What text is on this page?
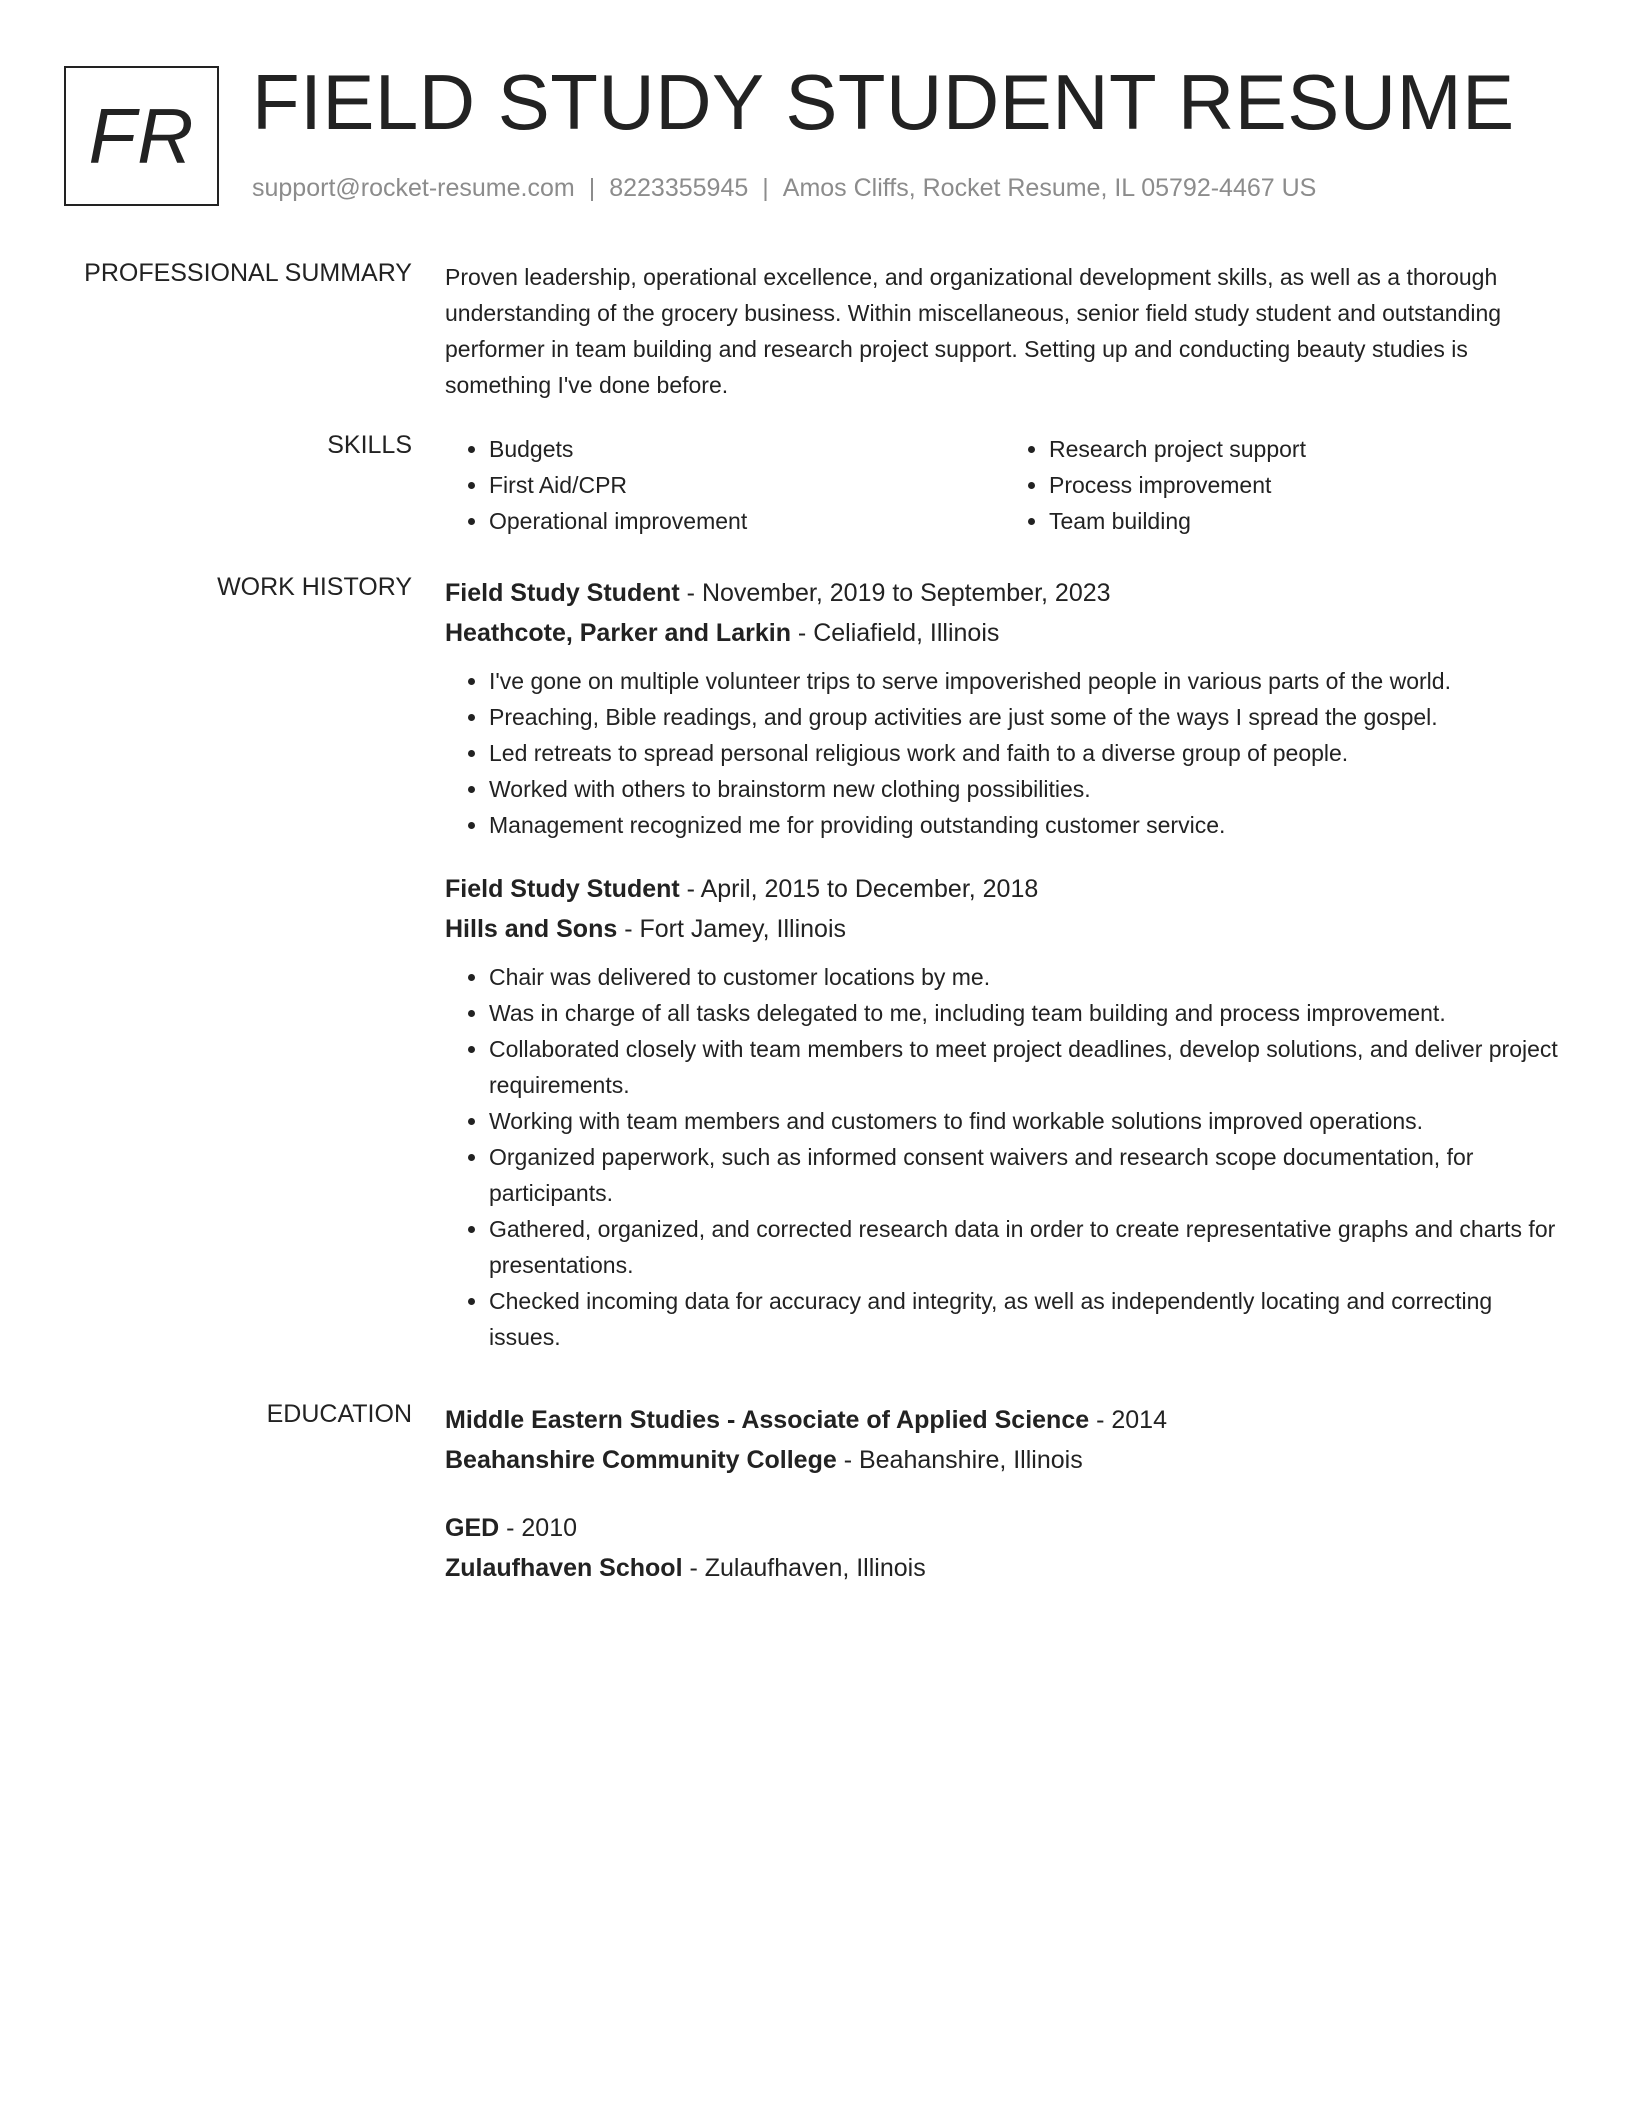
FR FIELD STUDY STUDENT RESUME
support@rocket-resume.com | 8223355945 | Amos Cliffs, Rocket Resume, IL 05792-4467 US
PROFESSIONAL SUMMARY Proven leadership, operational excellence, and organizational development skills, as well as a thorough understanding of the grocery business. Within miscellaneous, senior field study student and outstanding performer in team building and research project support. Setting up and conducting beauty studies is something I've done before.
SKILLS
•	Budgets
• First Aid/CPR
• Operational improvement
• Research project support
• Process improvement
• Team building
WORK HISTORY Field Study Student - November, 2019 to September, 2023
Heathcote, Parker and Larkin - Celiafield, Illinois
• I've gone on multiple volunteer trips to serve impoverished people in various parts of the world.
• Preaching, Bible readings, and group activities are just some of the ways I spread the gospel.
• Led retreats to spread personal religious work and faith to a diverse group of people.
• Worked with others to brainstorm new clothing possibilities.
• Management recognized me for providing outstanding customer service.
Field Study Student - April, 2015 to December, 2018
Hills and Sons - Fort Jamey, Illinois
• Chair was delivered to customer locations by me.
• Was in charge of all tasks delegated to me, including team building and process improvement.
• Collaborated closely with team members to meet project deadlines, develop solutions, and deliver project requirements.
• Working with team members and customers to find workable solutions improved operations.
• Organized paperwork, such as informed consent waivers and research scope documentation, for participants.
• Gathered, organized, and corrected research data in order to create representative graphs and charts for presentations.
• Checked incoming data for accuracy and integrity, as well as independently locating and correcting issues.
EDUCATION Middle Eastern Studies - Associate of Applied Science - 2014
Beahanshire Community College - Beahanshire, Illinois
GED - 2010
Zulaufhaven School - Zulaufhaven, Illinois
